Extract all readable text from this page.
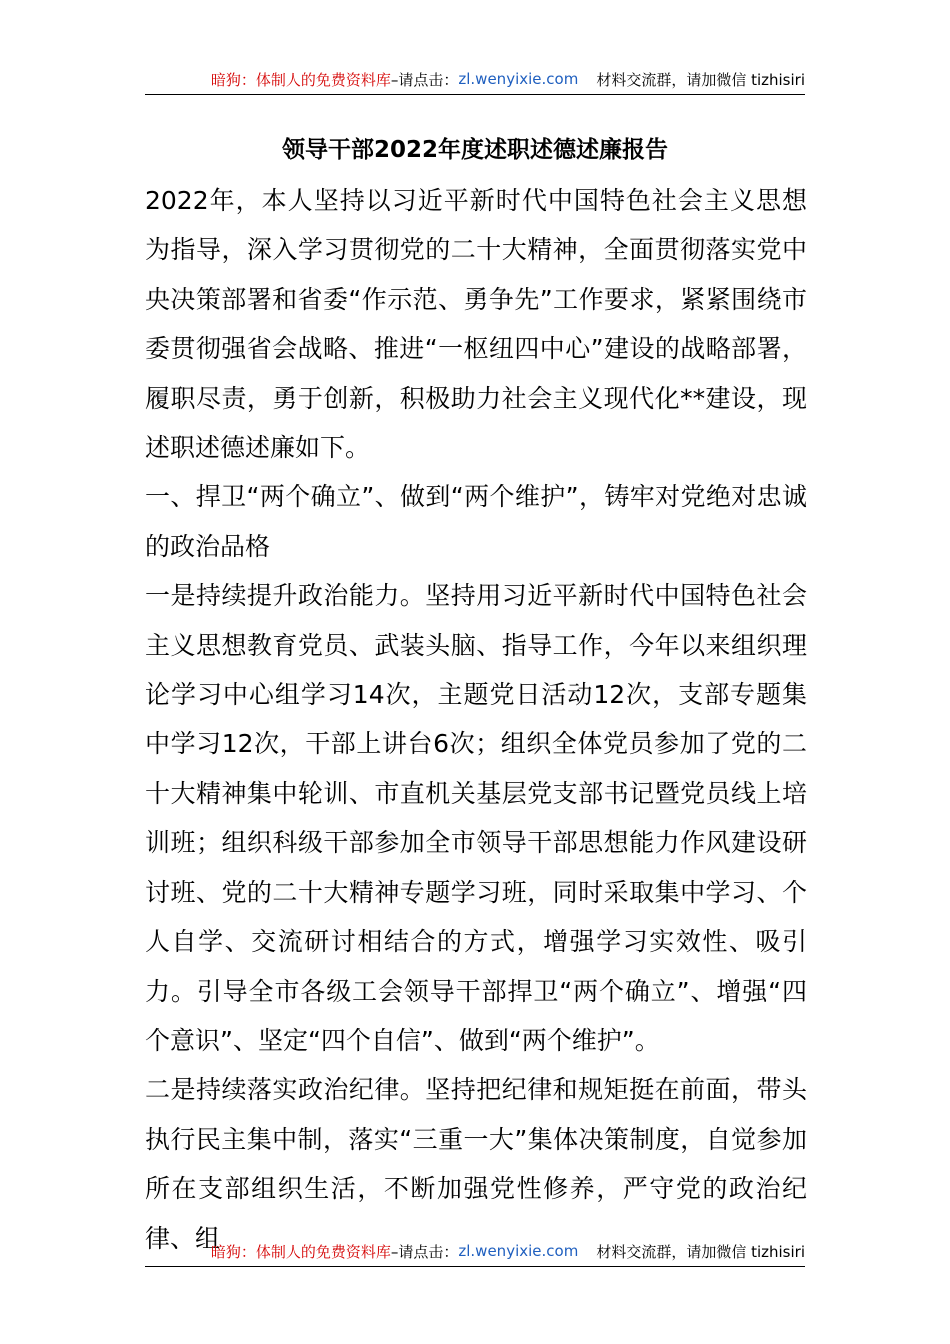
暗狗：体制人的免费资料库 –请点击： zl.wenyixie.com 材料交流群，请加微信 tizhisiri
领导干部2022年度述职述德述廉报告

2022年，本人坚持以习近平新时代中国特色社会主义思想为指导，深入学习贯彻党的二十大精神，全面贯彻落实党中央决策部署和省委“作示范、勇争先”工作要求，紧紧围绕市委贯彻强省会战略、推进“一枢纽四中心”建设的战略部署，履职尽责，勇于创新，积极助力社会主义现代化**建设，现述职述德述廉如下。

一、捍卫“两个确立”、做到“两个维护”，铸牢对党绝对忠诚的政治品格

一是持续提升政治能力。坚持用习近平新时代中国特色社会主义思想教育党员、武装头脑、指导工作，今年以来组织理论学习中心组学习14次，主题党日活动12次，支部专题集中学习12次，干部上讲台6次；组织全体党员参加了党的二十大精神集中轮训、市直机关基层党支部书记暨党员线上培训班；组织科级干部参加全市领导干部思想能力作风建设研讨班、党的二十大精神专题学习班，同时采取集中学习、个人自学、交流研讨相结合的方式，增强学习实效性、吸引力。引导全市各级工会领导干部捍卫“两个确立”、增强“四个意识”、坚定“四个自信”、做到“两个维护”。

二是持续落实政治纪律。坚持把纪律和规矩挺在前面，带头执行民主集中制，落实“三重一大”集体决策制度，自觉参加所在支部组织生活，不断加强党性修养，严守党的政治纪律、组

暗狗：体制人的免费资料库 –请点击： zl.wenyixie.com 材料交流群，请加微信 tizhisiri
